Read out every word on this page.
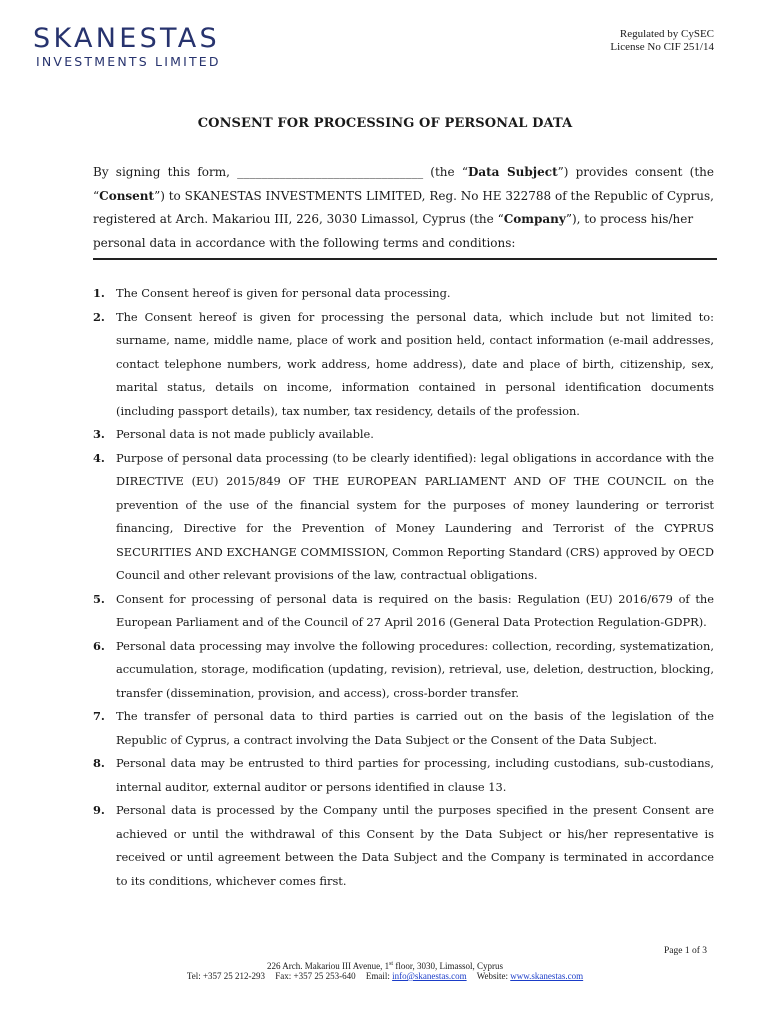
SKANESTAS
INVESTMENTS LIMITED
Regulated by CySEC
License No CIF 251/14
CONSENT FOR PROCESSING OF PERSONAL DATA
By signing this form, _______________________________ (the “Data Subject”) provides consent (the “Consent”) to SKANESTAS INVESTMENTS LIMITED, Reg. No HE 322788 of the Republic of Cyprus, registered at Arch. Makariou III, 226, 3030 Limassol, Cyprus (the “Company”), to process his/her
personal data in accordance with the following terms and conditions:
1. The Consent hereof is given for personal data processing.
2. The Consent hereof is given for processing the personal data, which include but not limited to: surname, name, middle name, place of work and position held, contact information (e-mail addresses, contact telephone numbers, work address, home address), date and place of birth, citizenship, sex, marital status, details on income, information contained in personal identification documents (including passport details), tax number, tax residency, details of the profession.
3. Personal data is not made publicly available.
4. Purpose of personal data processing (to be clearly identified): legal obligations in accordance with the DIRECTIVE (EU) 2015/849 OF THE EUROPEAN PARLIAMENT AND OF THE COUNCIL on the prevention of the use of the financial system for the purposes of money laundering or terrorist financing, Directive for the Prevention of Money Laundering and Terrorist of the CYPRUS SECURITIES AND EXCHANGE COMMISSION, Common Reporting Standard (CRS) approved by OECD Council and other relevant provisions of the law, contractual obligations.
5. Consent for processing of personal data is required on the basis: Regulation (EU) 2016/679 of the European Parliament and of the Council of 27 April 2016 (General Data Protection Regulation-GDPR).
6. Personal data processing may involve the following procedures: collection, recording, systematization, accumulation, storage, modification (updating, revision), retrieval, use, deletion, destruction, blocking, transfer (dissemination, provision, and access), cross-border transfer.
7. The transfer of personal data to third parties is carried out on the basis of the legislation of the Republic of Cyprus, a contract involving the Data Subject or the Consent of the Data Subject.
8. Personal data may be entrusted to third parties for processing, including custodians, sub-custodians, internal auditor, external auditor or persons identified in clause 13.
9. Personal data is processed by the Company until the purposes specified in the present Consent are achieved or until the withdrawal of this Consent by the Data Subject or his/her representative is received or until agreement between the Data Subject and the Company is terminated in accordance to its conditions, whichever comes first.
Page 1 of 3
226 Arch. Makariou III Avenue, 1st floor, 3030, Limassol, Cyprus
Tel: +357 25 212-293 Fax: +357 25 253-640 Email: info@skanestas.com Website: www.skanestas.com
